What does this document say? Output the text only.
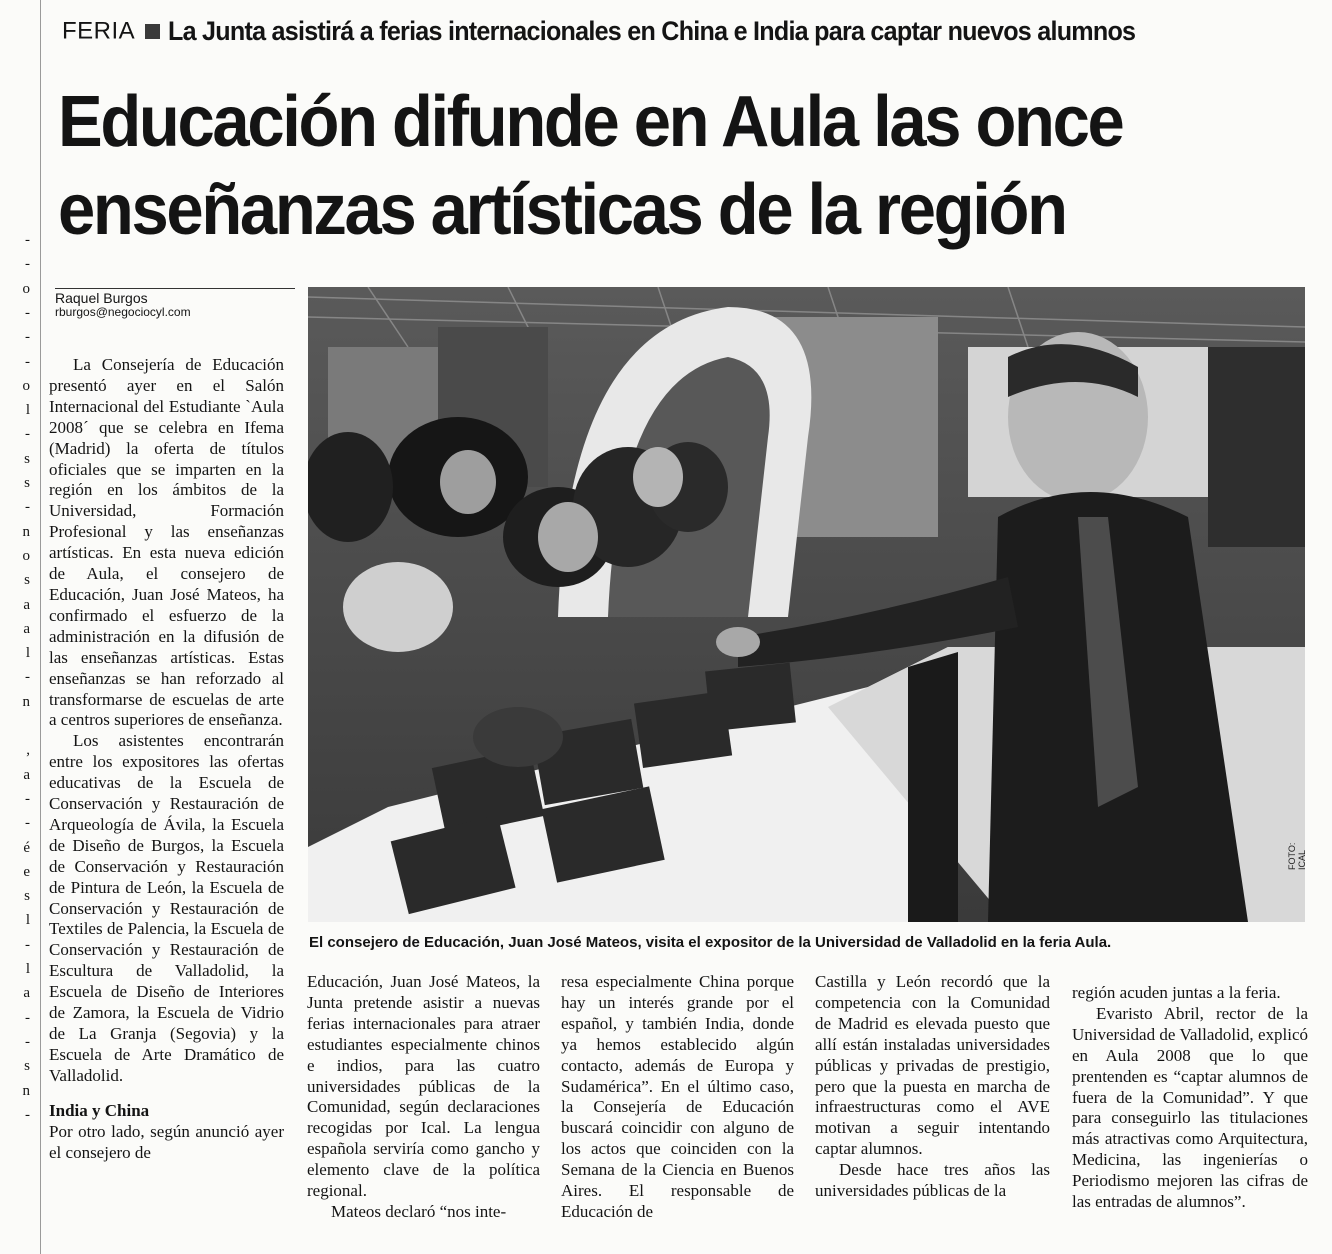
-
-
o
-
-
-
o
l
-
s
s
-
n
o
s
a
a
l
-
n
,
a
-
-
é
e
s
l
-
l
a
-
-
s
n
-
FERIA La Junta asistirá a ferias internacionales en China e India para captar nuevos alumnos
Educación difunde en Aula las once
enseñanzas artísticas de la región
Raquel Burgos
rburgos@negociocyl.com

La Consejería de Educación presentó ayer en el Salón Internacional del Estudiante `Aula 2008´ que se celebra en Ifema (Madrid) la oferta de títulos oficiales que se imparten en la región en los ámbitos de la Universidad, Formación Profesional y las enseñanzas artísticas. En esta nueva edición de Aula, el consejero de Educación, Juan José Mateos, ha confirmado el esfuerzo de la administración en la difusión de las enseñanzas artísticas. Estas enseñanzas se han reforzado al transformarse de escuelas de arte a centros superiores de enseñanza.

Los asistentes encontrarán entre los expositores las ofertas educativas de la Escuela de Conservación y Restauración de Arqueología de Ávila, la Escuela de Diseño de Burgos, la Escuela de Conservación y Restauración de Pintura de León, la Escuela de Conservación y Restauración de Textiles de Palencia, la Escuela de Conservación y Restauración de Escultura de Valladolid, la Escuela de Diseño de Interiores de Zamora, la Escuela de Vidrio de La Granja (Segovia) y la Escuela de Arte Dramático de Valladolid.

India y China

Por otro lado, según anunció ayer el consejero de

FOTO: ICAL
El consejero de Educación, Juan José Mateos, visita el expositor de la Universidad de Valladolid en la feria Aula.

Educación, Juan José Mateos, la Junta pretende asistir a nuevas ferias internacionales para atraer estudiantes especialmente chinos e indios, para las cuatro universidades públicas de la Comunidad, según declaraciones recogidas por Ical. La lengua española serviría como gancho y elemento clave de la política regional.

Mateos declaró “nos inte-

resa especialmente China porque hay un interés grande por el español, y también India, donde ya hemos establecido algún contacto, además de Europa y Sudamérica”. En el último caso, la Consejería de Educación buscará coincidir con alguno de los actos que coinciden con la Semana de la Ciencia en Buenos Aires. El responsable de Educación de

Castilla y León recordó que la competencia con la Comunidad de Madrid es elevada puesto que allí están instaladas universidades públicas y privadas de prestigio, pero que la puesta en marcha de infraestructuras como el AVE motivan a seguir intentando captar alumnos.

Desde hace tres años las universidades públicas de la

región acuden juntas a la feria.

Evaristo Abril, rector de la Universidad de Valladolid, explicó en Aula 2008 que lo que prentenden es “captar alumnos de fuera de la Comunidad”. Y que para conseguirlo las titulaciones más atractivas como Arquitectura, Medicina, las ingenierías o Periodismo mejoren las cifras de las entradas de alumnos”.
